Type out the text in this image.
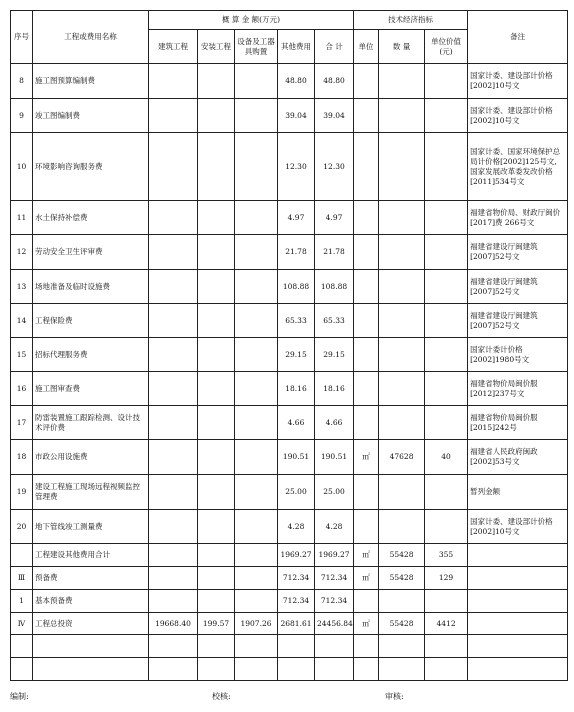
序号	工程或费用名称	概 算 金 额(万元)					技术经济指标			备注
		建筑工程	安装工程	设备及工器具购置	其他费用	合 计	单位	数 量	单位价值(元)	
8	施工图预算编制费				48.80	48.80				国家计委、建设部计价格[2002]10号文
9	竣工图编制费				39.04	39.04				国家计委、建设部计价格[2002]10号文
10	环境影响咨询服务费				12.30	12.30				国家计委、国家环境保护总局计价格[2002]125号文, 国家发展改革委发改价格 [2011]534号文
11	水土保持补偿费				4.97	4.97				福建省物价局、财政厅闽价[2017]费 266号文
12	劳动安全卫生评审费				21.78	21.78				福建省建设厅闽建筑[2007]52号文
13	场地准备及临时设施费				108.88	108.88				福建省建设厅闽建筑[2007]52号文
14	工程保险费				65.33	65.33				福建省建设厅闽建筑[2007]52号文
15	招标代理服务费				29.15	29.15				国家计委计价格[2002]1980号文
16	施工图审查费				18.16	18.16				福建省物价局闽价服[2012]237号文
17	防雷装置施工跟踪检测、设计技术评价费				4.66	4.66				福建省物价局闽价服[2015]242号
18	市政公用设施费				190.51	190.51	㎡	47628	40	福建省人民政府闽政[2002]53号文
19	建设工程施工现场远程视频监控管理费				25.00	25.00				暂列金额
20	地下管线竣工测量费				4.28	4.28				国家计委、建设部计价格[2002]10号文
	工程建设其他费用合计				1969.27	1969.27	㎡	55428	355	
Ⅲ	预备费				712.34	712.34	㎡	55428	129	
1	基本预备费				712.34	712.34				
Ⅳ	工程总投资	19668.40	199.57	1907.26	2681.61	24456.84	㎡	55428	4412	

编制:	校核:	审核:
